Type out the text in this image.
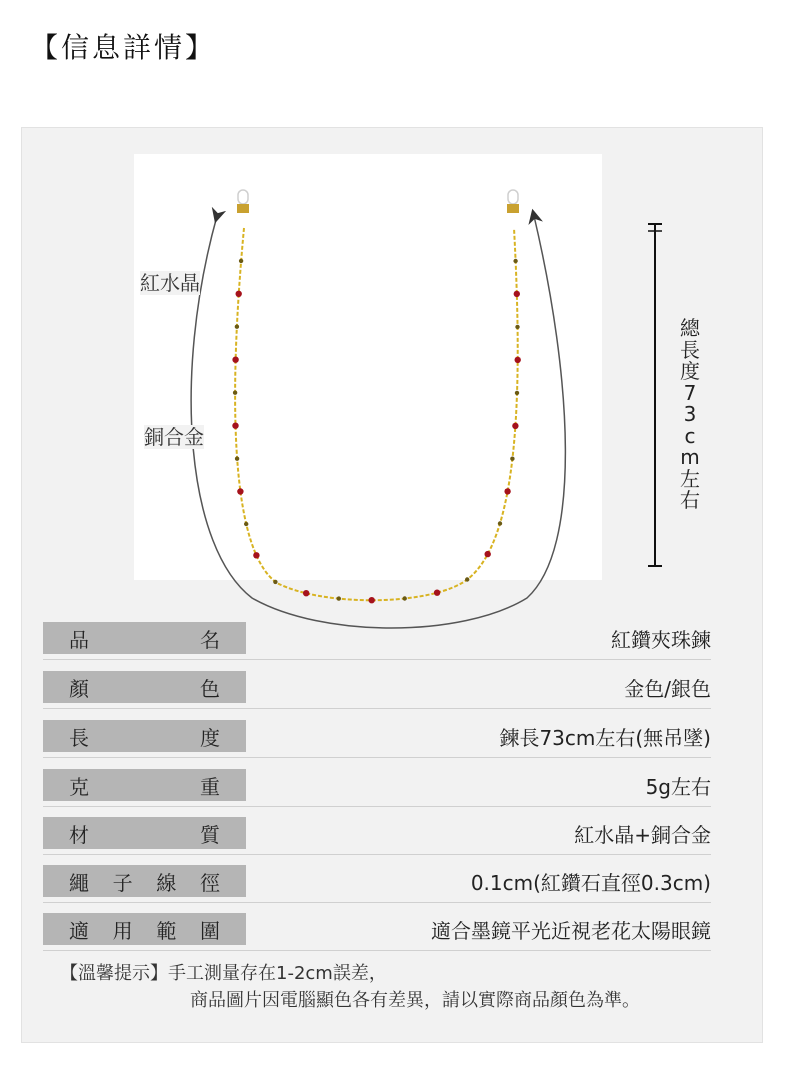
【信息詳情】
紅水晶
銅合金
總
長
度
7
3
c
m
左
右
品	名	紅鑽夾珠鍊
顏	色	金色/銀色
長	度	鍊長73cm左右(無吊墜)
克	重	5g左右
材	質	紅水晶+銅合金
繩 子 線 徑	0.1cm(紅鑽石直徑0.3cm)
適 用 範 圍	適合墨鏡平光近視老花太陽眼鏡
【溫馨提示】手工測量存在1-2cm誤差，
商品圖片因電腦顯色各有差異，請以實際商品顏色為準。
